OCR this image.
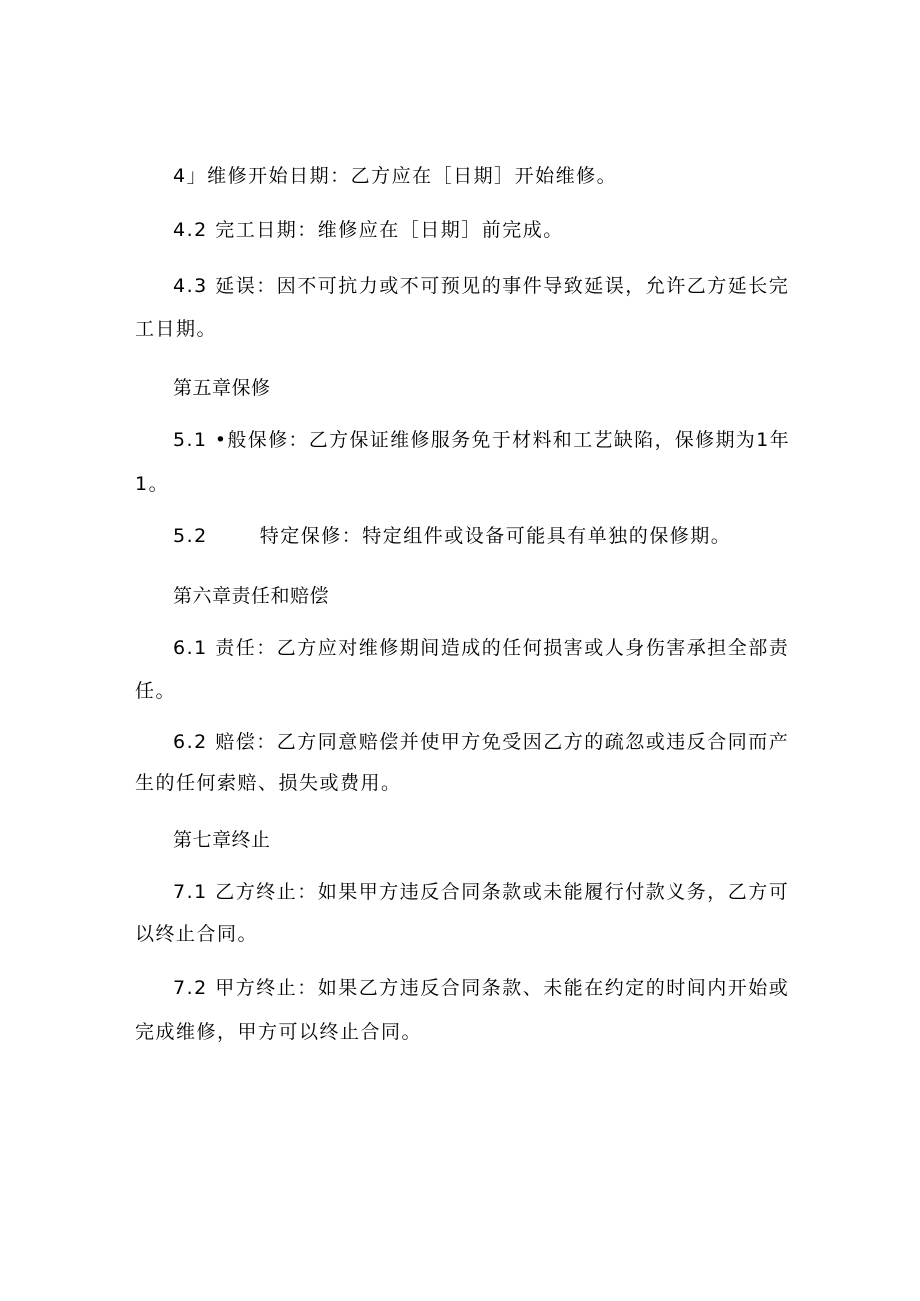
4」维修开始日期：乙方应在［日期］开始维修。
4.2 完工日期：维修应在［日期］前完成。
4.3 延误：因不可抗力或不可预见的事件导致延误，允许乙方延长完
工日期。
第五章保修
5.1 •般保修：乙方保证维修服务免于材料和工艺缺陷，保修期为1年
1。
5.2	特定保修：特定组件或设备可能具有单独的保修期。
第六章责任和赔偿
6.1 责任：乙方应对维修期间造成的任何损害或人身伤害承担全部责
任。
6.2 赔偿：乙方同意赔偿并使甲方免受因乙方的疏忽或违反合同而产
生的任何索赔、损失或费用。
第七章终止
7.1 乙方终止：如果甲方违反合同条款或未能履行付款义务，乙方可
以终止合同。
7.2 甲方终止：如果乙方违反合同条款、未能在约定的时间内开始或
完成维修，甲方可以终止合同。
